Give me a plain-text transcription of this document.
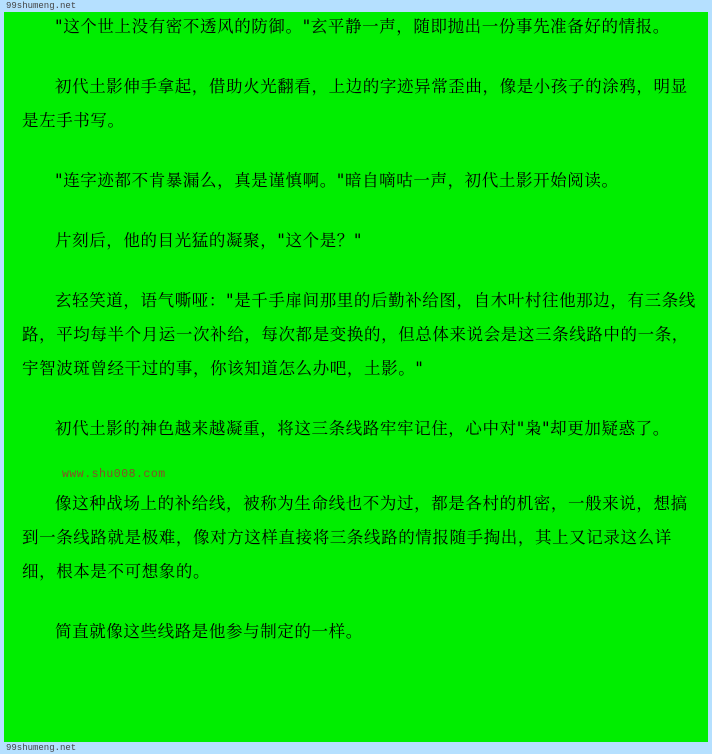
99shumeng.net
99shumeng.net

"这个世上没有密不透风的防御。"玄平静一声，随即抛出一份事先准备好的情报。

初代土影伸手拿起，借助火光翻看，上边的字迹异常歪曲，像是小孩子的涂鸦，明显是左手书写。

"连字迹都不肯暴漏么，真是谨慎啊。"暗自嘀咕一声，初代土影开始阅读。

片刻后，他的目光猛的凝聚，"这个是？"

玄轻笑道，语气嘶哑："是千手扉间那里的后勤补给图，自木叶村往他那边，有三条线路，平均每半个月运一次补给，每次都是变换的，但总体来说会是这三条线路中的一条，宇智波斑曾经干过的事，你该知道怎么办吧，土影。"

初代土影的神色越来越凝重，将这三条线路牢牢记住，心中对"枭"却更加疑惑了。

www.shu008.com

像这种战场上的补给线，被称为生命线也不为过，都是各村的机密，一般来说，想搞到一条线路就是极难，像对方这样直接将三条线路的情报随手掏出，其上又记录这么详细，根本是不可想象的。

简直就像这些线路是他参与制定的一样。
